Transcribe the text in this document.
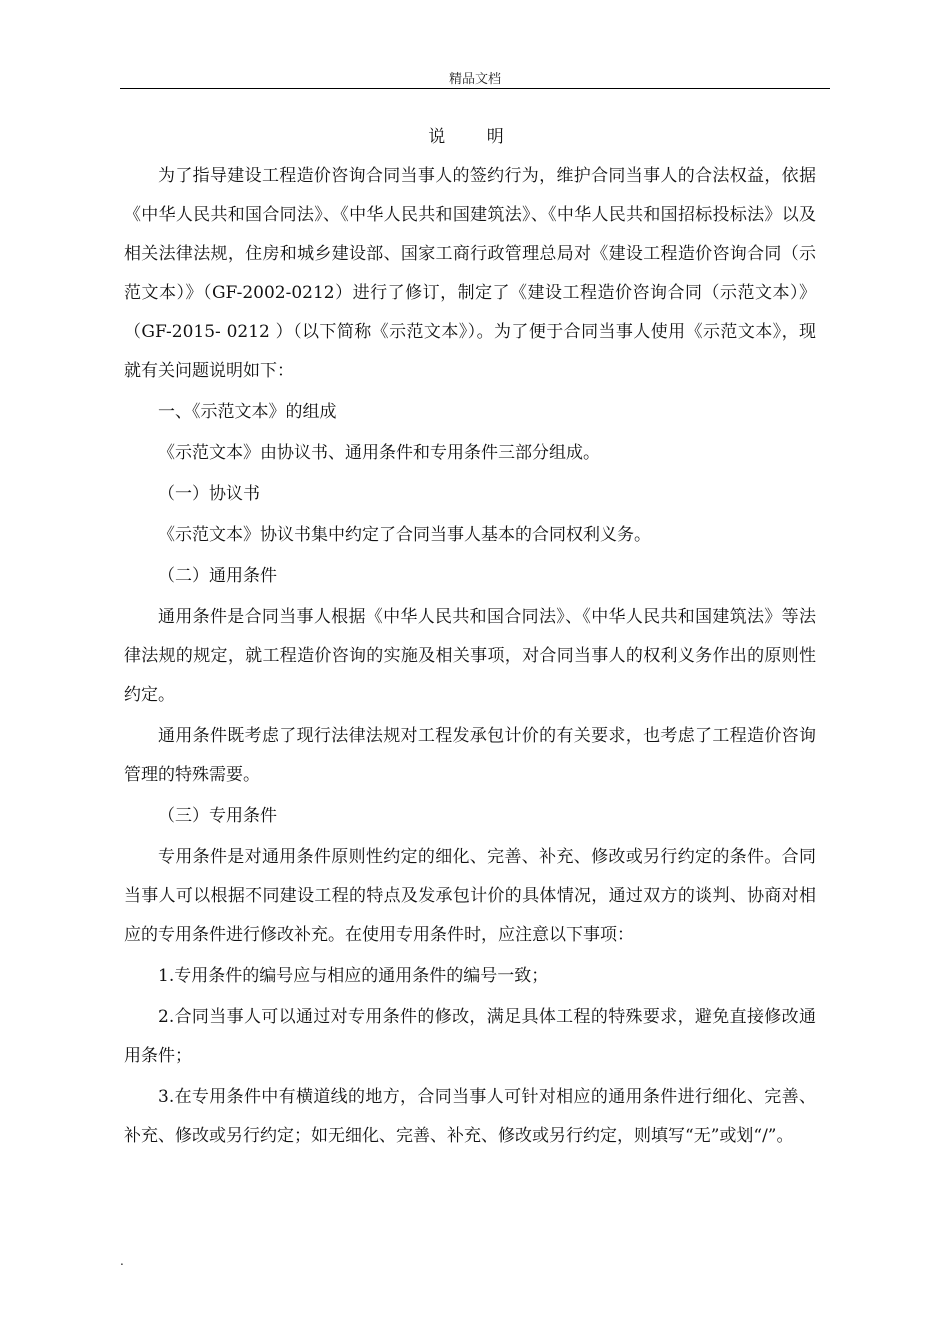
精品文档
说 明

为了指导建设工程造价咨询合同当事人的签约行为，维护合同当事人的合法权益，依据《中华人民共和国合同法》、《中华人民共和国建筑法》、《中华人民共和国招标投标法》以及相关法律法规，住房和城乡建设部、国家工商行政管理总局对《建设工程造价咨询合同（示范文本）》（GF-2002-0212）进行了修订，制定了《建设工程造价咨询合同（示范文本）》（GF-2015- 0212 ）（以下简称《示范文本》）。为了便于合同当事人使用《示范文本》，现就有关问题说明如下：

一、《示范文本》的组成

《示范文本》由协议书、通用条件和专用条件三部分组成。

（一）协议书

《示范文本》协议书集中约定了合同当事人基本的合同权利义务。

（二）通用条件

通用条件是合同当事人根据《中华人民共和国合同法》、《中华人民共和国建筑法》等法律法规的规定，就工程造价咨询的实施及相关事项，对合同当事人的权利义务作出的原则性约定。

通用条件既考虑了现行法律法规对工程发承包计价的有关要求，也考虑了工程造价咨询管理的特殊需要。

（三）专用条件

专用条件是对通用条件原则性约定的细化、完善、补充、修改或另行约定的条件。合同当事人可以根据不同建设工程的特点及发承包计价的具体情况，通过双方的谈判、协商对相应的专用条件进行修改补充。在使用专用条件时，应注意以下事项：

1.专用条件的编号应与相应的通用条件的编号一致；

2.合同当事人可以通过对专用条件的修改，满足具体工程的特殊要求，避免直接修改通用条件；

3.在专用条件中有横道线的地方，合同当事人可针对相应的通用条件进行细化、完善、补充、修改或另行约定；如无细化、完善、补充、修改或另行约定，则填写“无”或划“/”。

.
